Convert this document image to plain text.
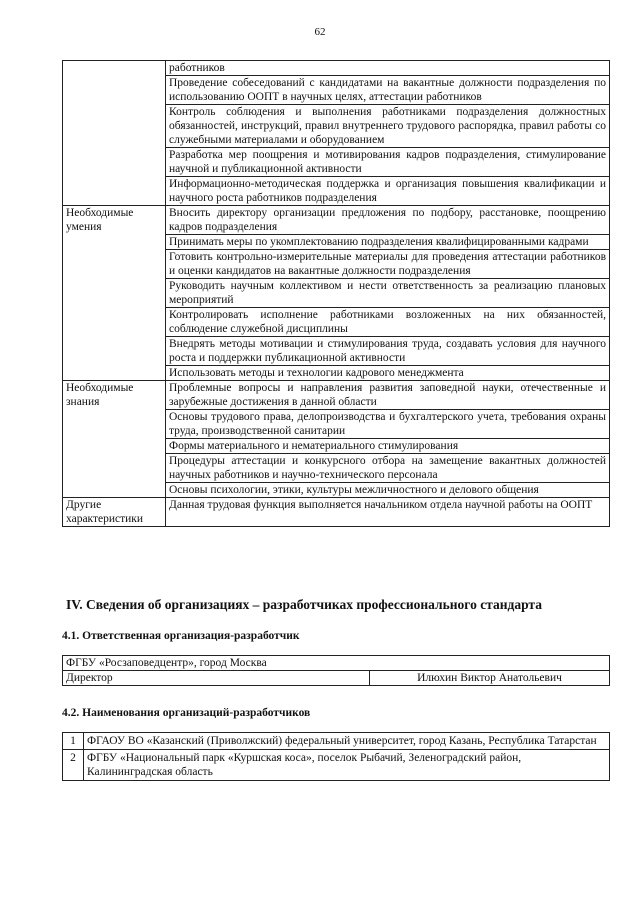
62
	работников
	Проведение собеседований с кандидатами на вакантные должности подразделения по использованию ООПТ в научных целях, аттестации работников
	Контроль соблюдения и выполнения работниками подразделения должностных обязанностей, инструкций, правил внутреннего трудового распорядка, правил работы со служебными материалами и оборудованием
	Разработка мер поощрения и мотивирования кадров подразделения, стимулирование научной и публикационной активности
	Информационно-методическая поддержка и организация повышения квалификации и научного роста работников подразделения
Необходимые умения	Вносить директору организации предложения по подбору, расстановке, поощрению кадров подразделения
	Принимать меры по укомплектованию подразделения квалифицированными кадрами
	Готовить контрольно-измерительные материалы для проведения аттестации работников и оценки кандидатов на вакантные должности подразделения
	Руководить научным коллективом и нести ответственность за реализацию плановых мероприятий
	Контролировать исполнение работниками возложенных на них обязанностей, соблюдение служебной дисциплины
	Внедрять методы мотивации и стимулирования труда, создавать условия для научного роста и поддержки публикационной активности
	Использовать методы и технологии кадрового менеджмента
Необходимые знания	Проблемные вопросы и направления развития заповедной науки, отечественные и зарубежные достижения в данной области
	Основы трудового права, делопроизводства и бухгалтерского учета, требования охраны труда, производственной санитарии
	Формы материального и нематериального стимулирования
	Процедуры аттестации и конкурсного отбора на замещение вакантных должностей научных работников и научно-технического персонала
	Основы психологии, этики, культуры межличностного и делового общения
Другие характеристики	Данная трудовая функция выполняется начальником отдела научной работы на ООПТ
IV. Сведения об организациях – разработчиках профессионального стандарта
4.1. Ответственная организация-разработчик
ФГБУ «Росзаповедцентр», город Москва
Директор	Илюхин Виктор Анатольевич
4.2. Наименования организаций-разработчиков
1	ФГАОУ ВО «Казанский (Приволжский) федеральный университет, город Казань, Республика Татарстан
2	ФГБУ «Национальный парк «Куршская коса», поселок Рыбачий, Зеленоградский район, Калининградская область
